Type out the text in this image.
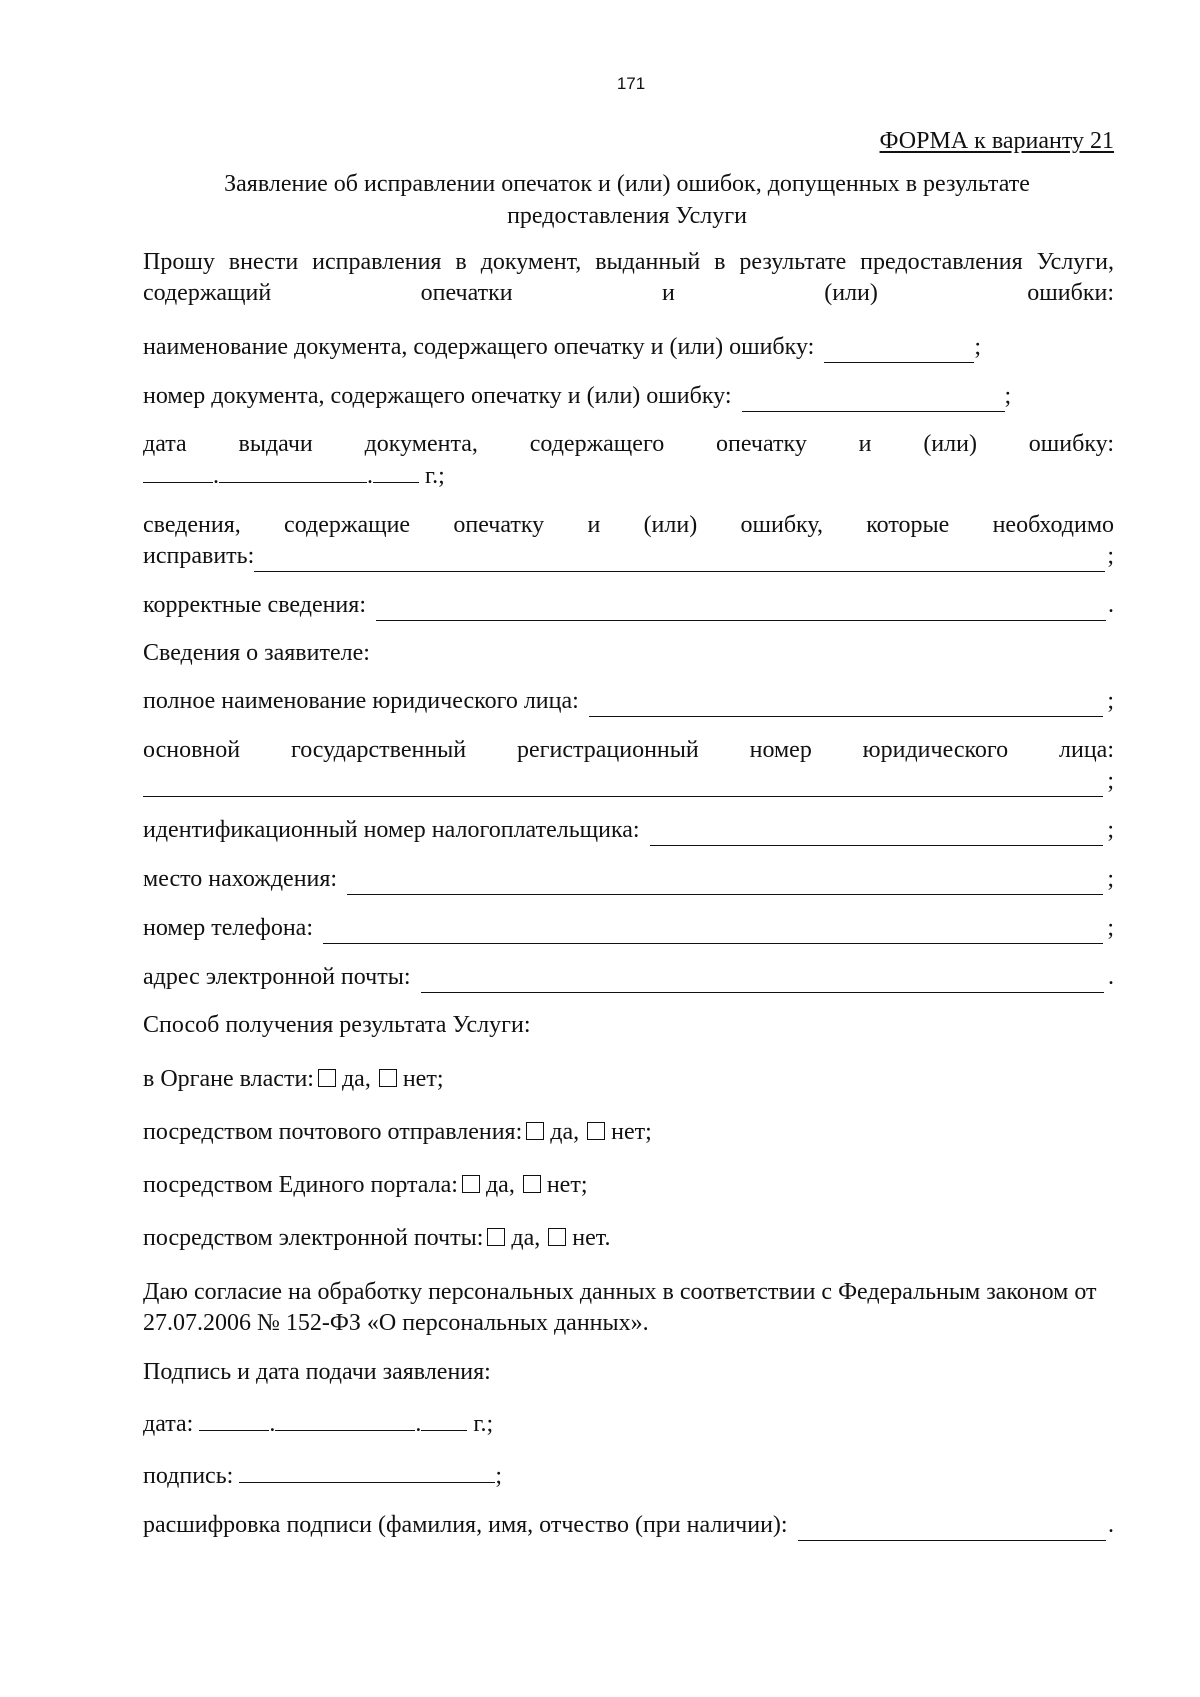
171
ФОРМА к варианту 21
Заявление об исправлении опечаток и (или) ошибок, допущенных в результате предоставления Услуги
Прошу внести исправления в документ, выданный в результате предоставления Услуги, содержащий опечатки и (или) ошибки:
наименование документа, содержащего опечатку и (или) ошибку:	;
номер документа, содержащего опечатку и (или) ошибку:	;
дата выдачи документа, содержащего опечатку и (или) ошибку:
.	. г.;
сведения, содержащие опечатку и (или) ошибку, которые необходимо
исправить:	;
корректные сведения:	.
Сведения о заявителе:
полное наименование юридического лица:	;
основной государственный регистрационный номер юридического лица:
;
идентификационный номер налогоплательщика:	;
место нахождения:	;
номер телефона:	;
адрес электронной почты:	.
Способ получения результата Услуги:
в Органе власти: да, нет;
посредством почтового отправления: да, нет;
посредством Единого портала: да, нет;
посредством электронной почты: да, нет.
Даю согласие на обработку персональных данных в соответствии с Федеральным законом от 27.07.2006 № 152-ФЗ «О персональных данных».
Подпись и дата подачи заявления:
дата:	.	. г.;
подпись:	;
расшифровка подписи (фамилия, имя, отчество (при наличии):	.
